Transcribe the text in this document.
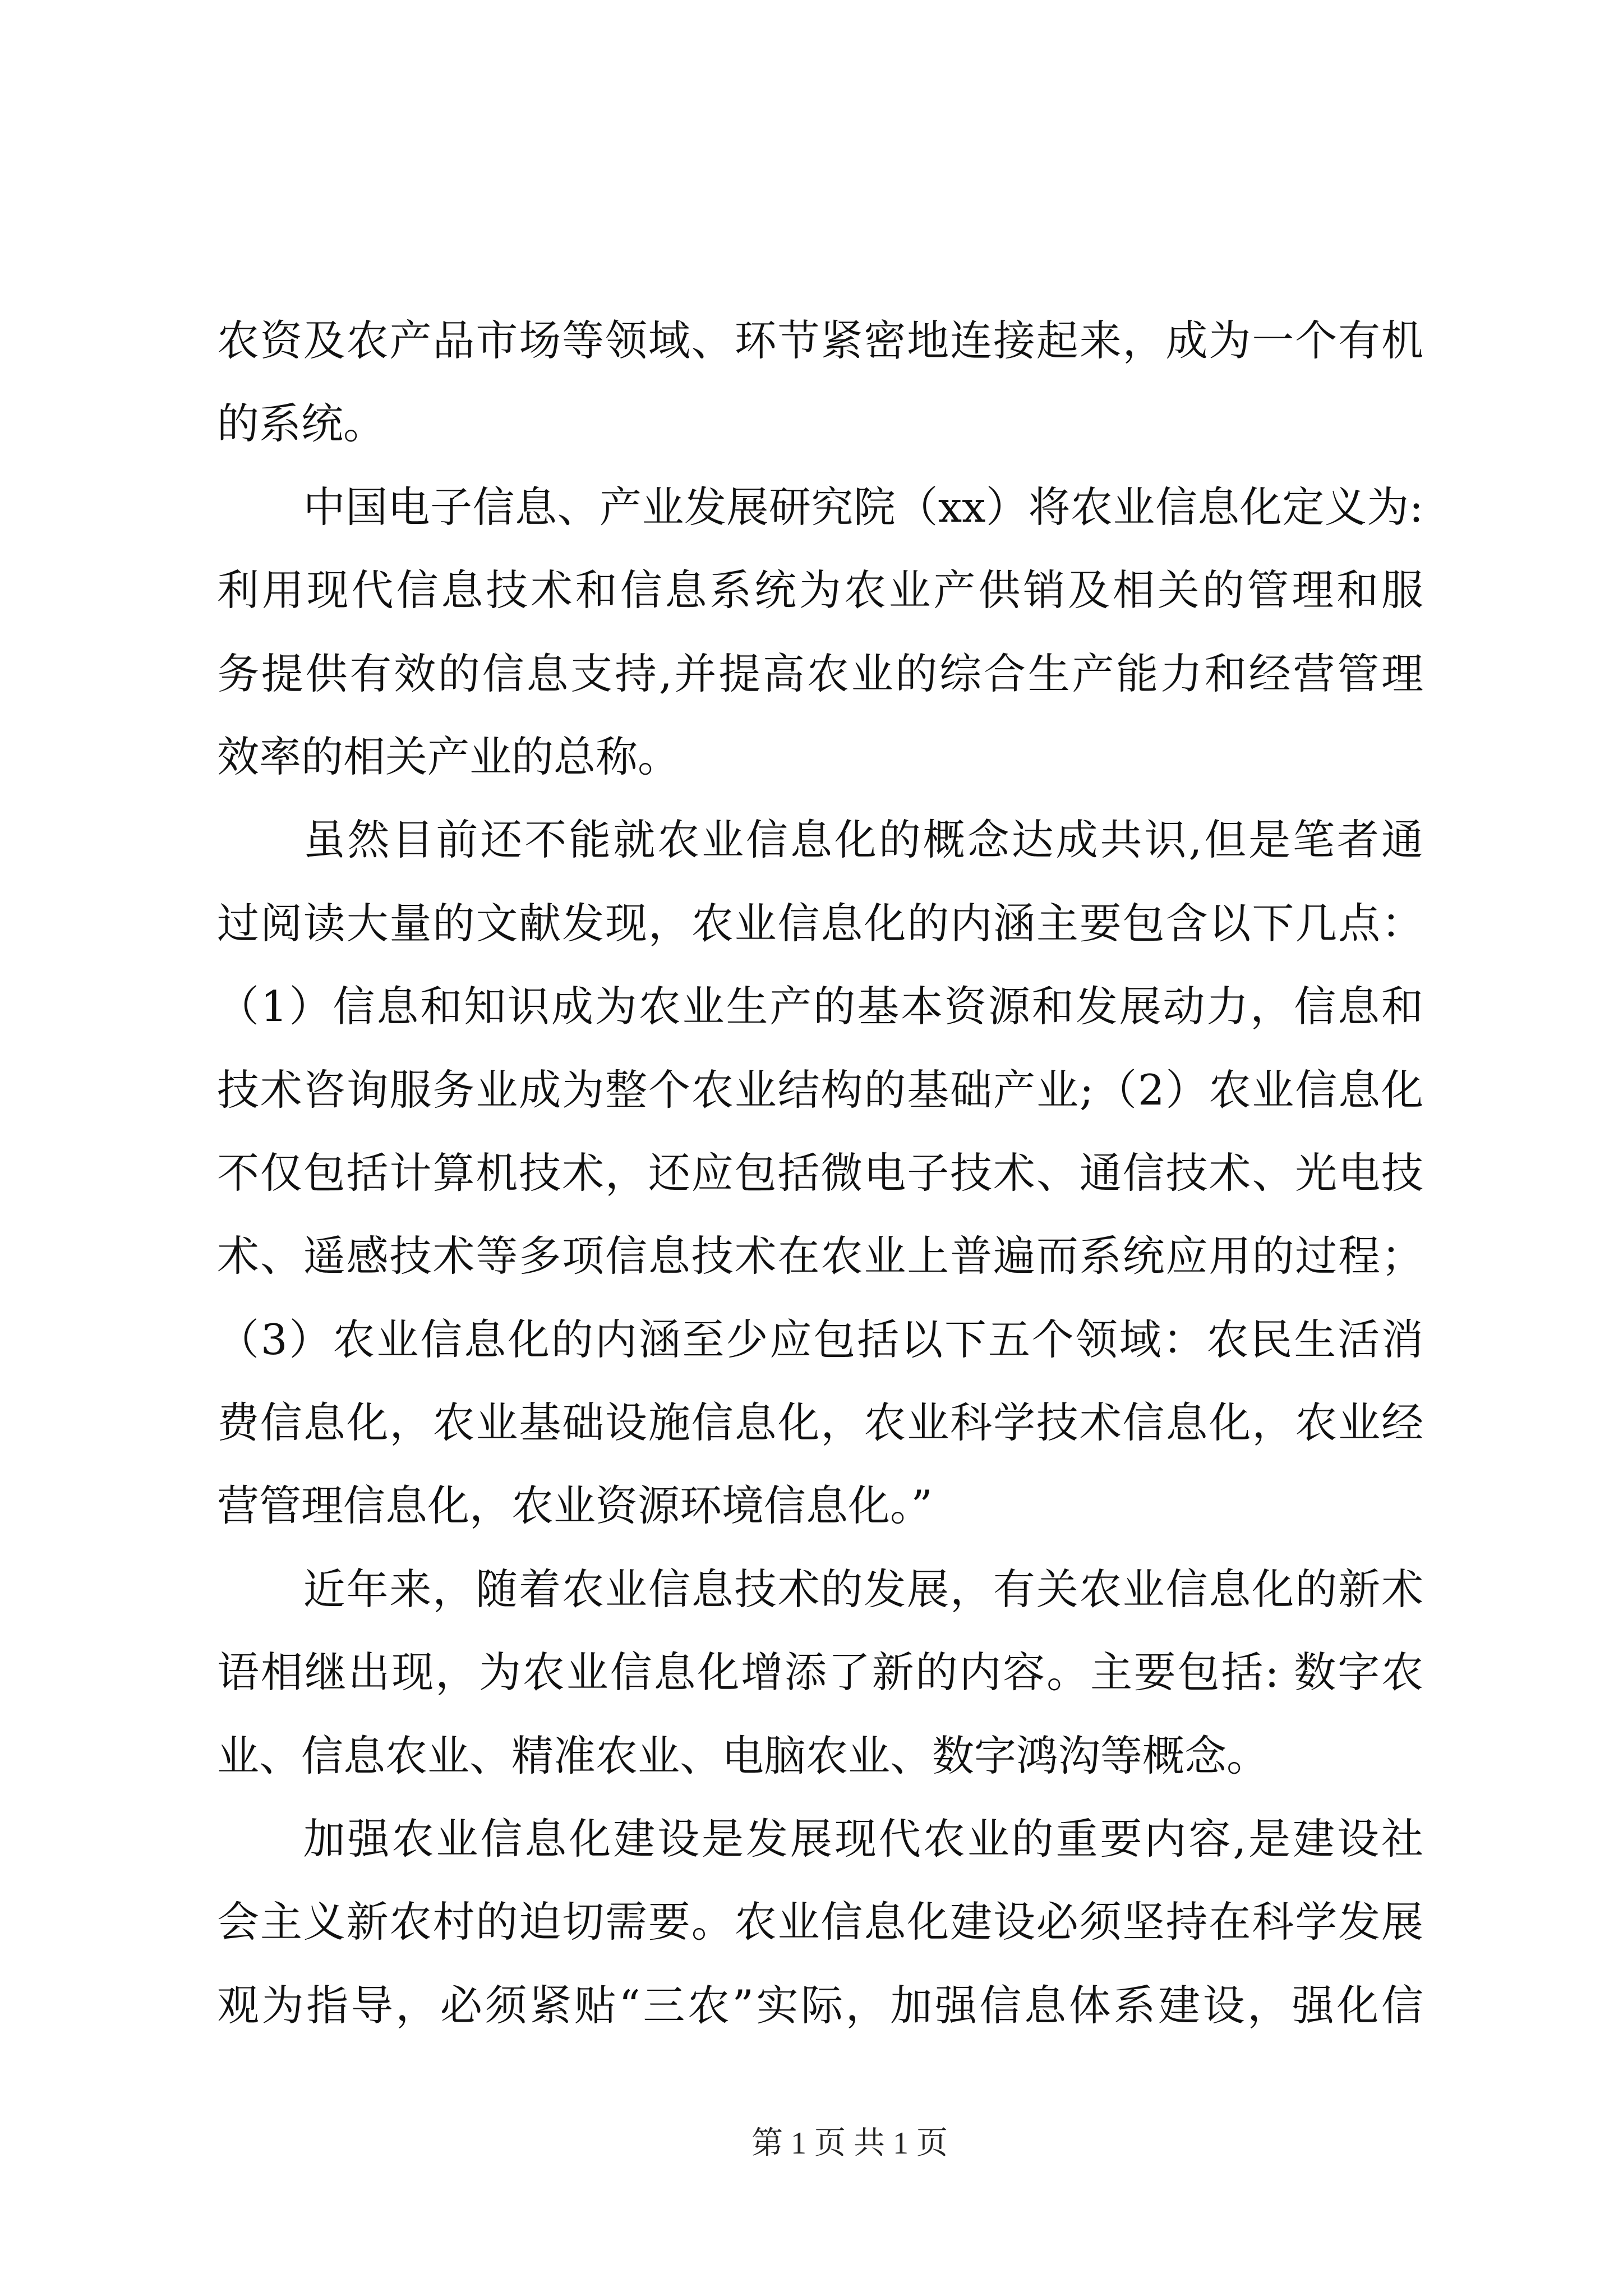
农资及农产品市场等领域、环节紧密地连接起来，成为一个有机
的系统。
中国电子信息、产业发展研究院（xx）将农业信息化定义为:
利用现代信息技术和信息系统为农业产供销及相关的管理和服
务提供有效的信息支持,并提高农业的综合生产能力和经营管理
效率的相关产业的总称。
虽然目前还不能就农业信息化的概念达成共识,但是笔者通
过阅读大量的文献发现，农业信息化的内涵主要包含以下几点：
（1）信息和知识成为农业生产的基本资源和发展动力，信息和
技术咨询服务业成为整个农业结构的基础产业;（2）农业信息化
不仅包括计算机技术，还应包括微电子技术、通信技术、光电技
术、遥感技术等多项信息技术在农业上普遍而系统应用的过程；
（3）农业信息化的内涵至少应包括以下五个领域：农民生活消
费信息化，农业基础设施信息化，农业科学技术信息化，农业经
营管理信息化，农业资源环境信息化。”
近年来，随着农业信息技术的发展，有关农业信息化的新术
语相继出现，为农业信息化增添了新的内容。主要包括: 数字农
业、信息农业、精准农业、电脑农业、数字鸿沟等概念。
加强农业信息化建设是发展现代农业的重要内容,是建设社
会主义新农村的迫切需要。农业信息化建设必须坚持在科学发展
观为指导，必须紧贴“三农”实际，加强信息体系建设，强化信
第 1 页 共 1 页
